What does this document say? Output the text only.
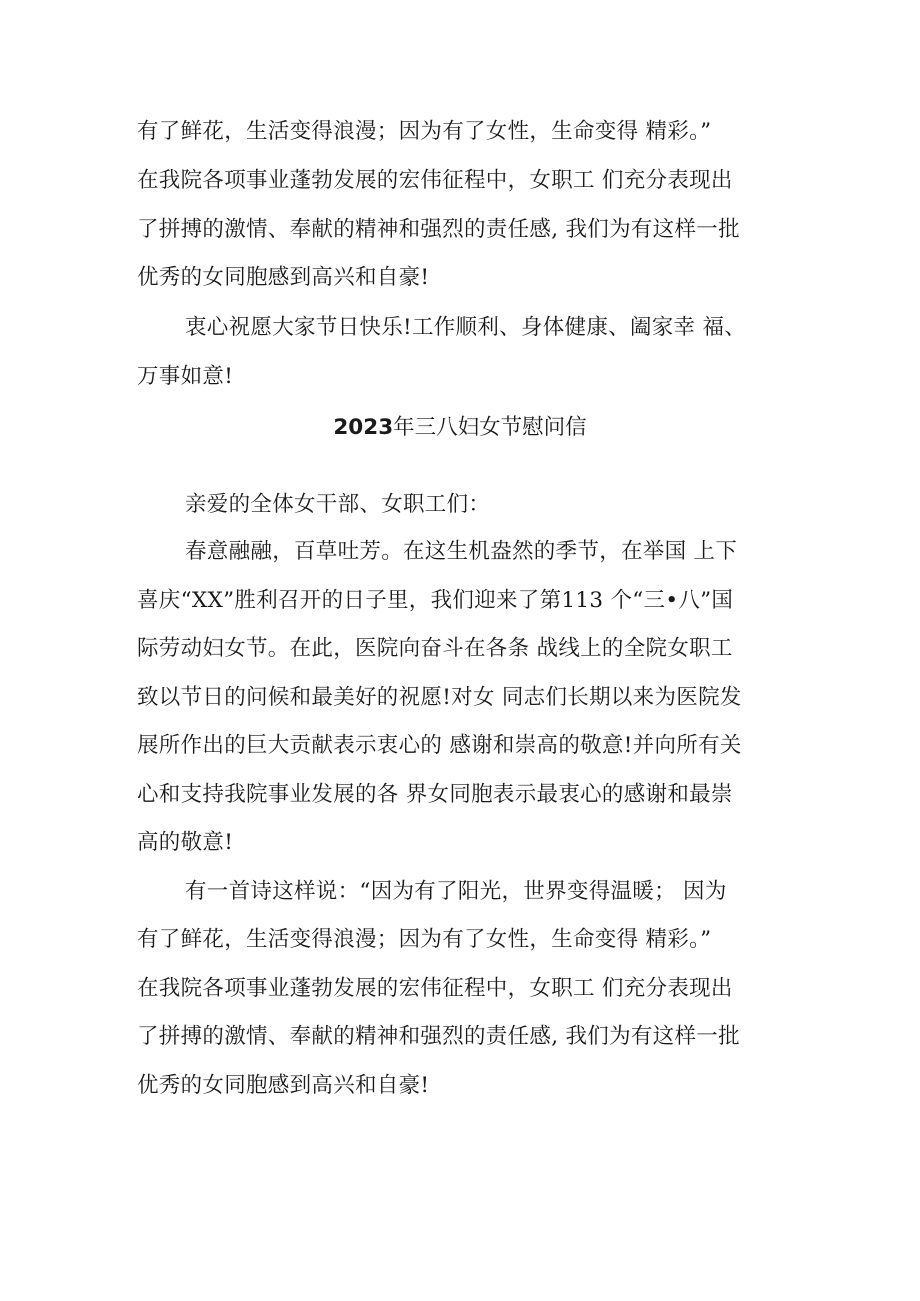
有了鲜花，生活变得浪漫；因为有了女性，生命变得 精彩。”
在我院各项事业蓬勃发展的宏伟征程中，女职工 们充分表现出
了拼搏的激情、奉献的精神和强烈的责任感, 我们为有这样一批
优秀的女同胞感到高兴和自豪!
衷心祝愿大家节日快乐!工作顺利、身体健康、阖家幸 福、
万事如意!
2023年三八妇女节慰问信
亲爱的全体女干部、女职工们：
春意融融，百草吐芳。在这生机盎然的季节，在举国 上下
喜庆“XX”胜利召开的日子里，我们迎来了第113 个“三•八”国
际劳动妇女节。在此，医院向奋斗在各条 战线上的全院女职工
致以节日的问候和最美好的祝愿!对女 同志们长期以来为医院发
展所作出的巨大贡献表示衷心的 感谢和崇高的敬意!并向所有关
心和支持我院事业发展的各 界女同胞表示最衷心的感谢和最崇
高的敬意!
有一首诗这样说：“因为有了阳光，世界变得温暖； 因为
有了鲜花，生活变得浪漫；因为有了女性，生命变得 精彩。”
在我院各项事业蓬勃发展的宏伟征程中，女职工 们充分表现出
了拼搏的激情、奉献的精神和强烈的责任感, 我们为有这样一批
优秀的女同胞感到高兴和自豪!
